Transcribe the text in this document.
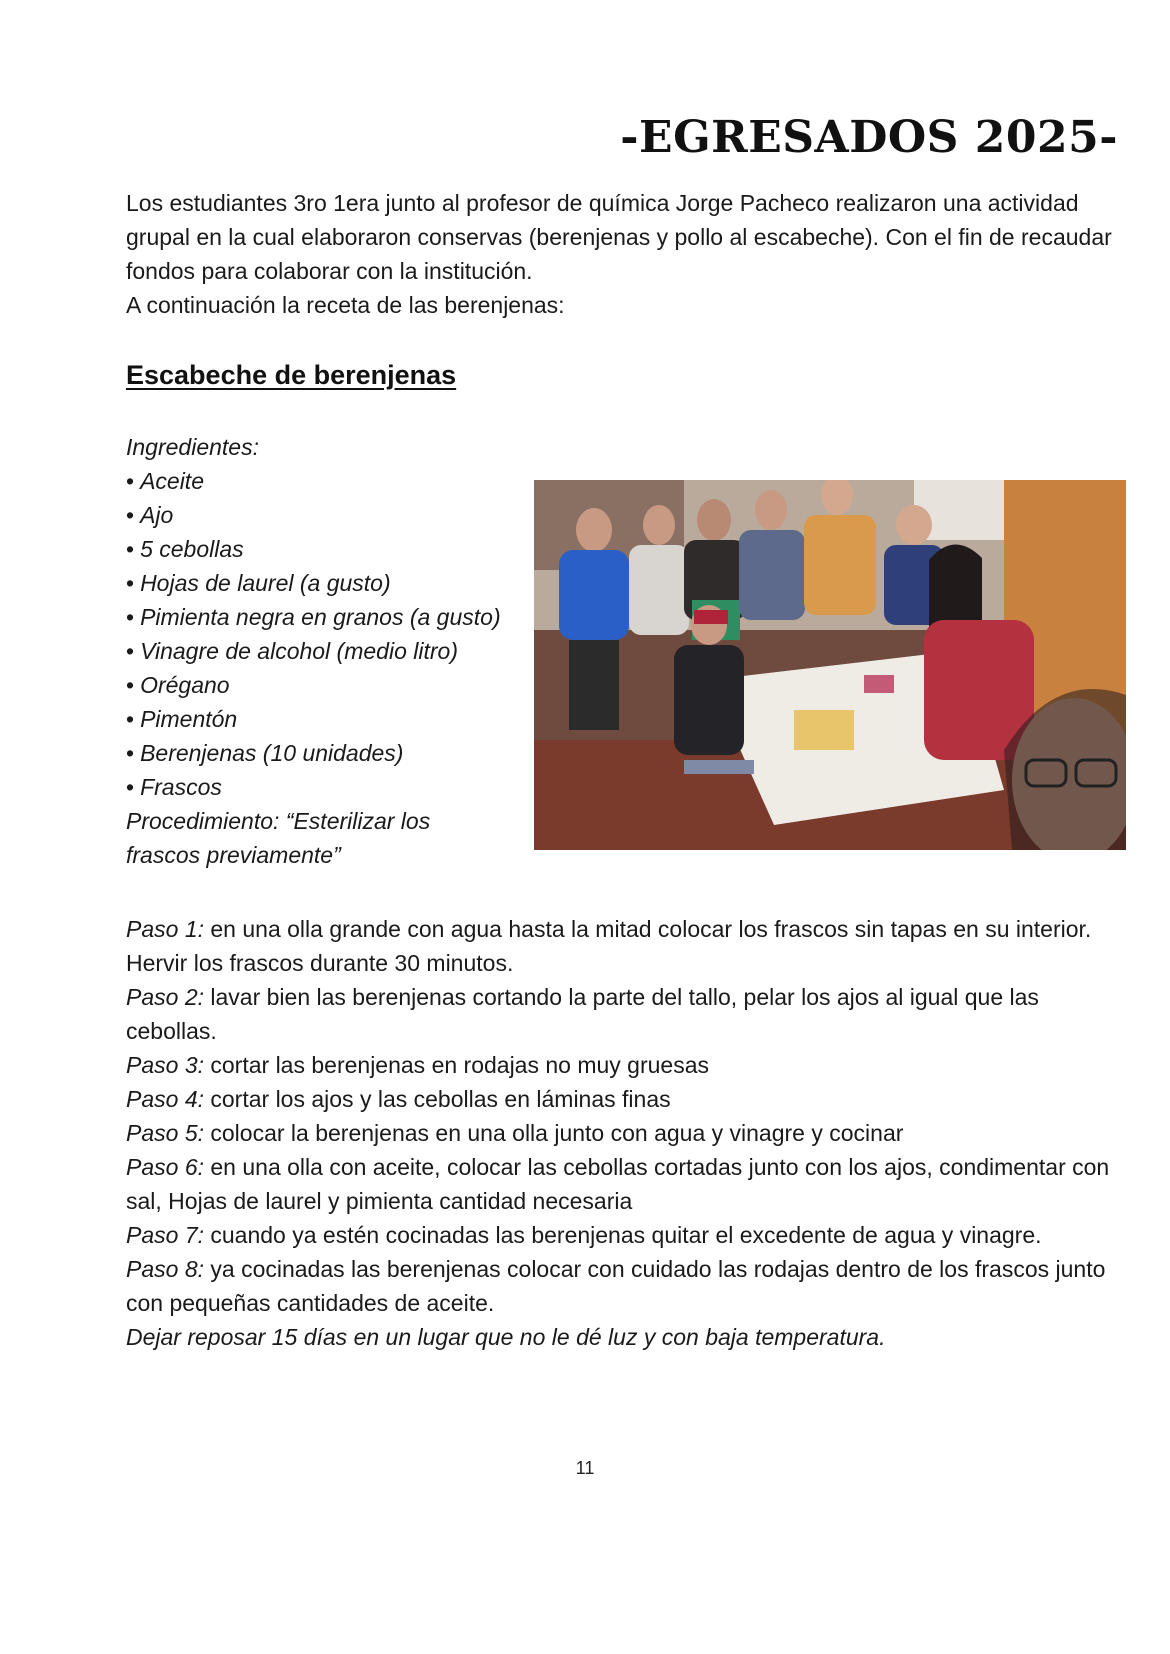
-EGRESADOS 2025-

Los estudiantes 3ro 1era junto al profesor de química Jorge Pacheco realizaron una actividad grupal en la cual elaboraron conservas (berenjenas y pollo al escabeche). Con el fin de recaudar fondos para colaborar con la institución.

A continuación la receta de las berenjenas:

Escabeche de berenjenas
Ingredientes:
• Aceite
• Ajo
• 5 cebollas
• Hojas de laurel (a gusto)
• Pimienta negra en granos (a gusto)
• Vinagre de alcohol (medio litro)
• Orégano
• Pimentón
• Berenjenas (10 unidades)
• Frascos
Procedimiento: “Esterilizar los frascos previamente”

Paso 1: en una olla grande con agua hasta la mitad colocar los frascos sin tapas en su interior. Hervir los frascos durante 30 minutos.

Paso 2: lavar bien las berenjenas cortando la parte del tallo, pelar los ajos al igual que las cebollas.

Paso 3: cortar las berenjenas en rodajas no muy gruesas

Paso 4: cortar los ajos y las cebollas en láminas finas

Paso 5: colocar la berenjenas en una olla junto con agua y vinagre y cocinar

Paso 6: en una olla con aceite, colocar las cebollas cortadas junto con los ajos, condimentar con sal, Hojas de laurel y pimienta cantidad necesaria

Paso 7: cuando ya estén cocinadas las berenjenas quitar el excedente de agua y vinagre.

Paso 8: ya cocinadas las berenjenas colocar con cuidado las rodajas dentro de los frascos junto con pequeñas cantidades de aceite.

Dejar reposar 15 días en un lugar que no le dé luz y con baja temperatura.

11
